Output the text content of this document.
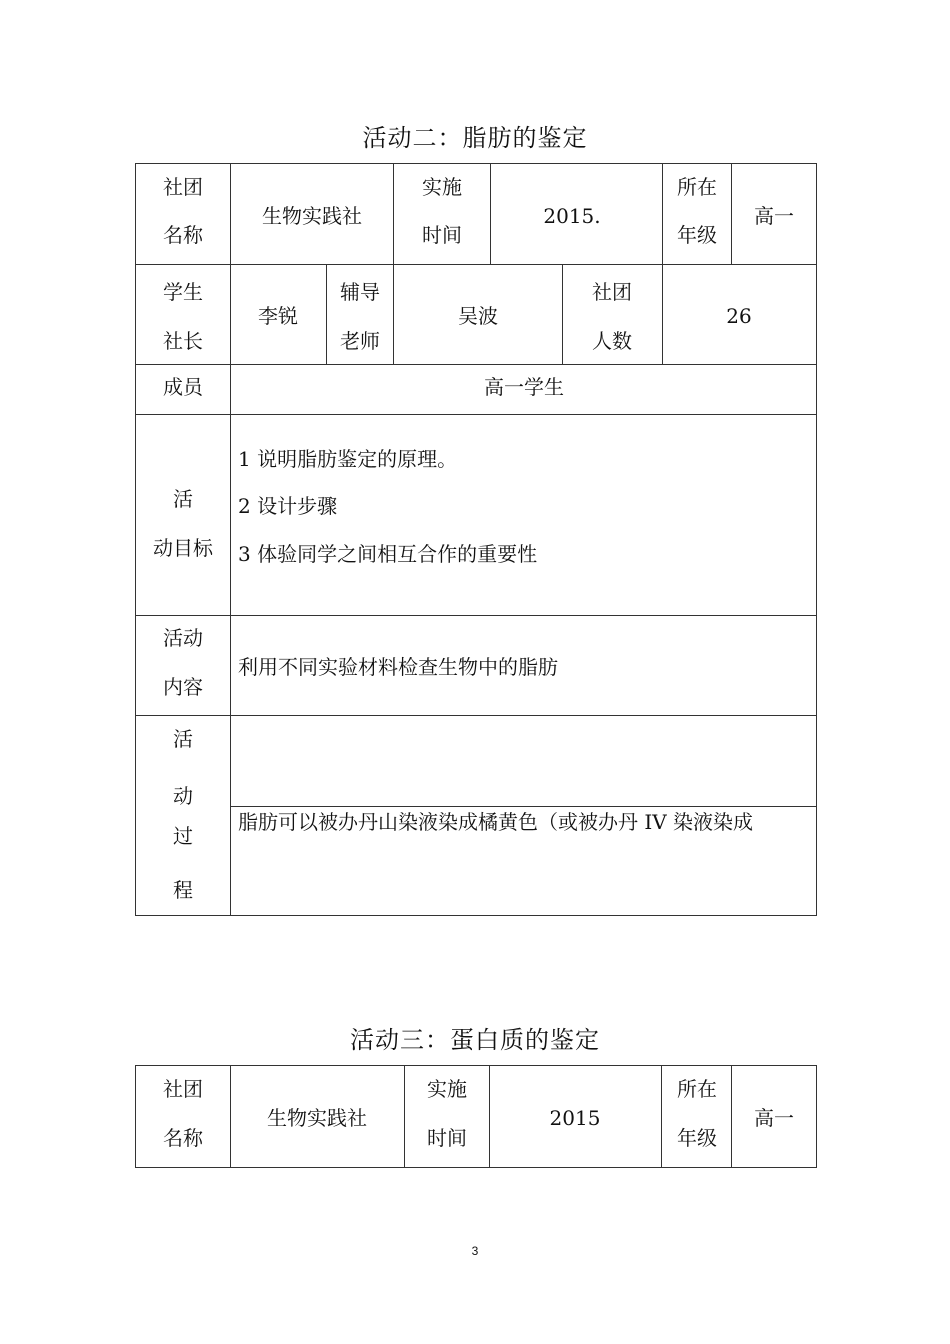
活动二：脂肪的鉴定
社团
名称
生物实践社
实施
时间
2015.
所在
年级
高一
学生
社长
李锐
辅导
老师
吴波
社团
人数
26
成员	高一学生
活
动目标
1 说明脂肪鉴定的原理。
2 设计步骤
3 体验同学之间相互合作的重要性
活动
内容
利用不同实验材料检查生物中的脂肪
活
动
过
程
脂肪可以被办丹山染液染成橘黄色（或被办丹 IV 染液染成
活动三：蛋白质的鉴定
社团
名称
生物实践社
实施
时间
2015
所在
年级
高一
3
